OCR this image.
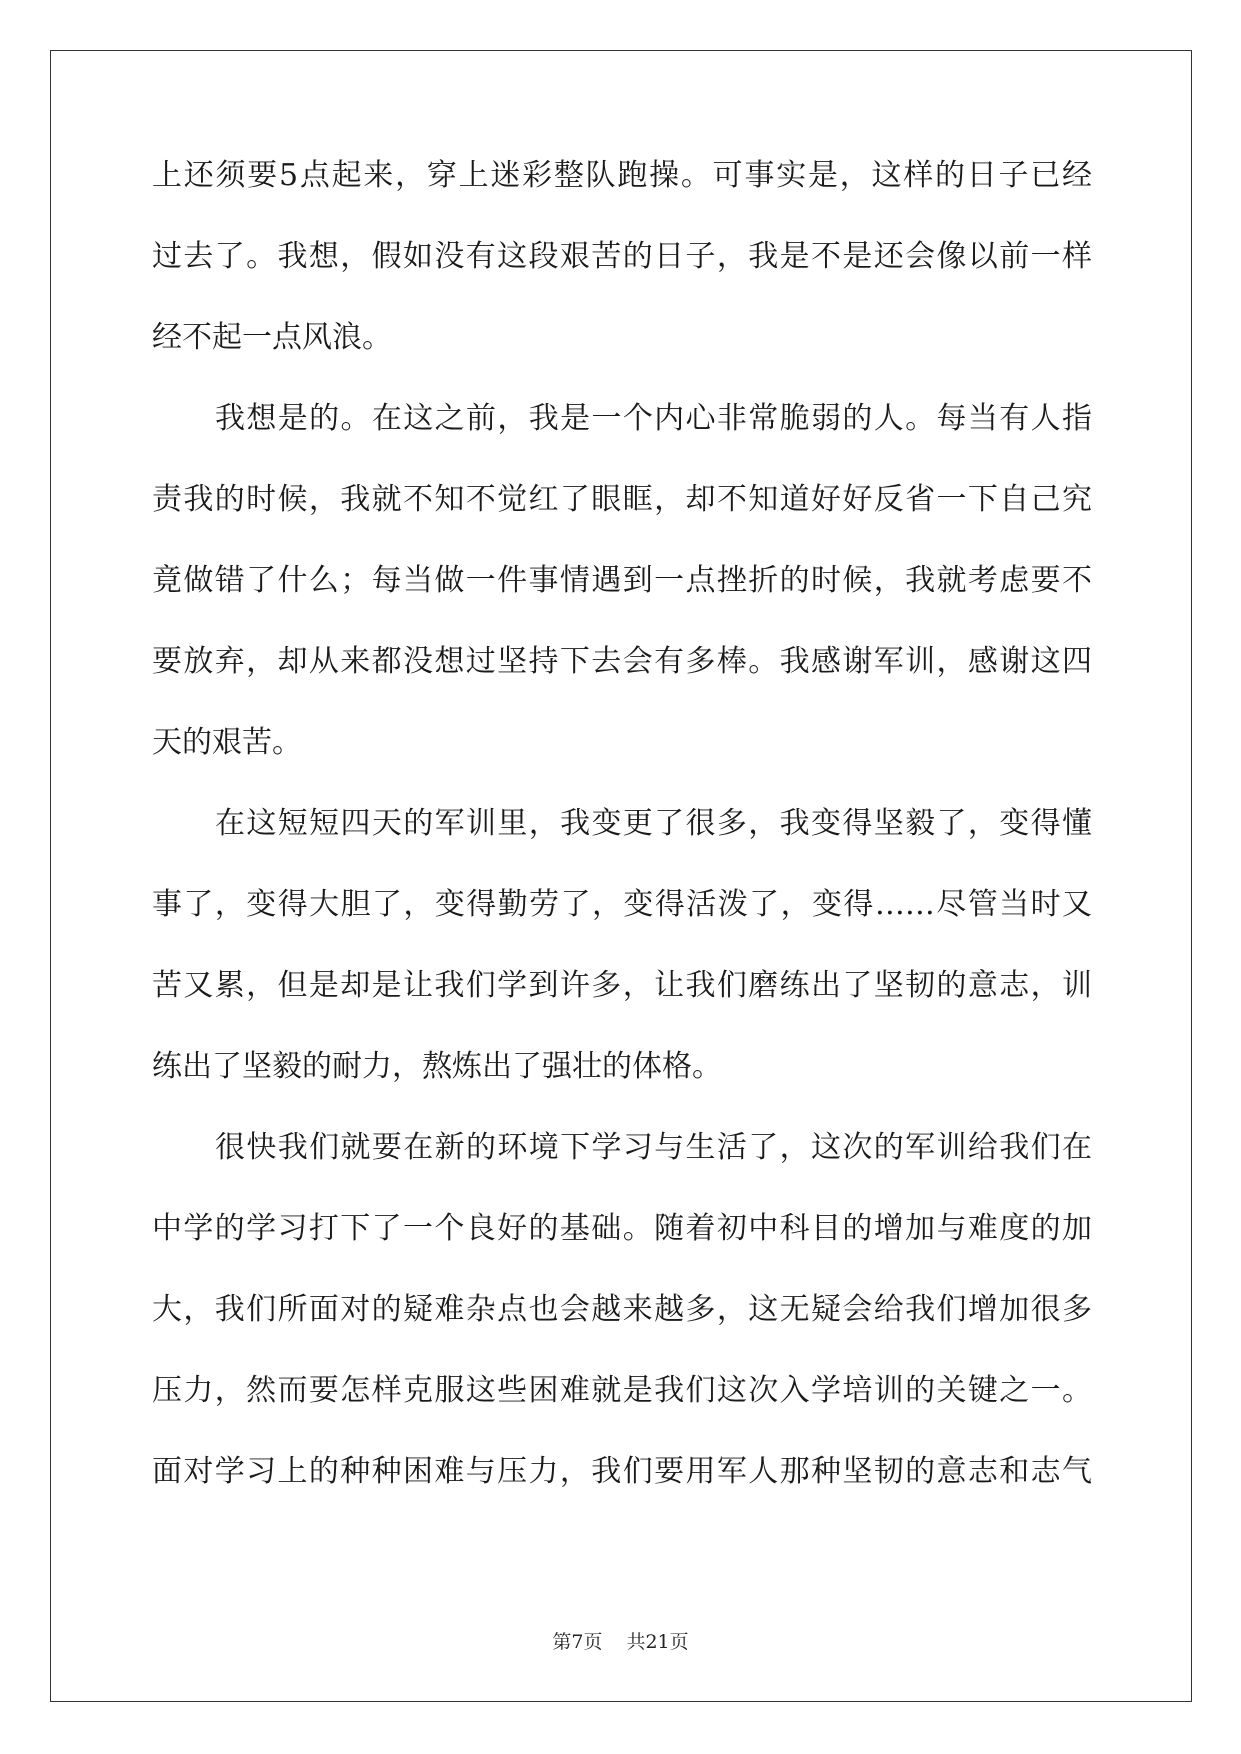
上还须要5点起来，穿上迷彩整队跑操。可事实是，这样的日子已经
过去了。我想，假如没有这段艰苦的日子，我是不是还会像以前一样
经不起一点风浪。
我想是的。在这之前，我是一个内心非常脆弱的人。每当有人指
责我的时候，我就不知不觉红了眼眶，却不知道好好反省一下自己究
竟做错了什么；每当做一件事情遇到一点挫折的时候，我就考虑要不
要放弃，却从来都没想过坚持下去会有多棒。我感谢军训，感谢这四
天的艰苦。
在这短短四天的军训里，我变更了很多，我变得坚毅了，变得懂
事了，变得大胆了，变得勤劳了，变得活泼了，变得……尽管当时又
苦又累，但是却是让我们学到许多，让我们磨练出了坚韧的意志，训
练出了坚毅的耐力，熬炼出了强壮的体格。
很快我们就要在新的环境下学习与生活了，这次的军训给我们在
中学的学习打下了一个良好的基础。随着初中科目的增加与难度的加
大，我们所面对的疑难杂点也会越来越多，这无疑会给我们增加很多
压力，然而要怎样克服这些困难就是我们这次入学培训的关键之一。
面对学习上的种种困难与压力，我们要用军人那种坚韧的意志和志气
第7页 共21页
